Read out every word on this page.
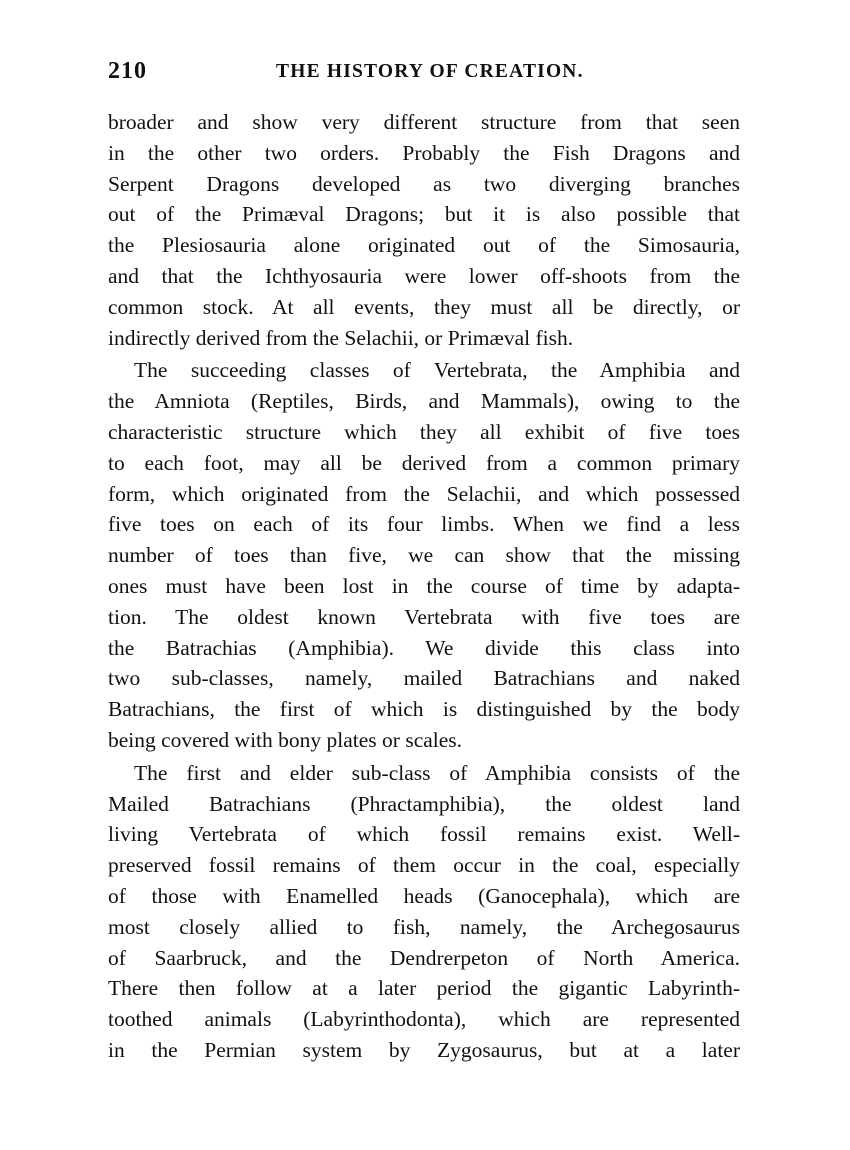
210	THE HISTORY OF CREATION.
broader and show very different structure from that seen
in the other two orders. Probably the Fish Dragons and
Serpent Dragons developed as two diverging branches
out of the Primæval Dragons; but it is also possible that
the Plesiosauria alone originated out of the Simosauria,
and that the Ichthyosauria were lower off-shoots from the
common stock. At all events, they must all be directly, or
indirectly derived from the Selachii, or Primæval fish.
The succeeding classes of Vertebrata, the Amphibia and
the Amniota (Reptiles, Birds, and Mammals), owing to the
characteristic structure which they all exhibit of five toes
to each foot, may all be derived from a common primary
form, which originated from the Selachii, and which possessed
five toes on each of its four limbs. When we find a less
number of toes than five, we can show that the missing
ones must have been lost in the course of time by adapta-
tion. The oldest known Vertebrata with five toes are
the Batrachias (Amphibia). We divide this class into
two sub-classes, namely, mailed Batrachians and naked
Batrachians, the first of which is distinguished by the body
being covered with bony plates or scales.
The first and elder sub-class of Amphibia consists of the
Mailed Batrachians (Phractamphibia), the oldest land
living Vertebrata of which fossil remains exist. Well-
preserved fossil remains of them occur in the coal, especially
of those with Enamelled heads (Ganocephala), which are
most closely allied to fish, namely, the Archegosaurus
of Saarbruck, and the Dendrerpeton of North America.
There then follow at a later period the gigantic Labyrinth-
toothed animals (Labyrinthodonta), which are represented
in the Permian system by Zygosaurus, but at a later
